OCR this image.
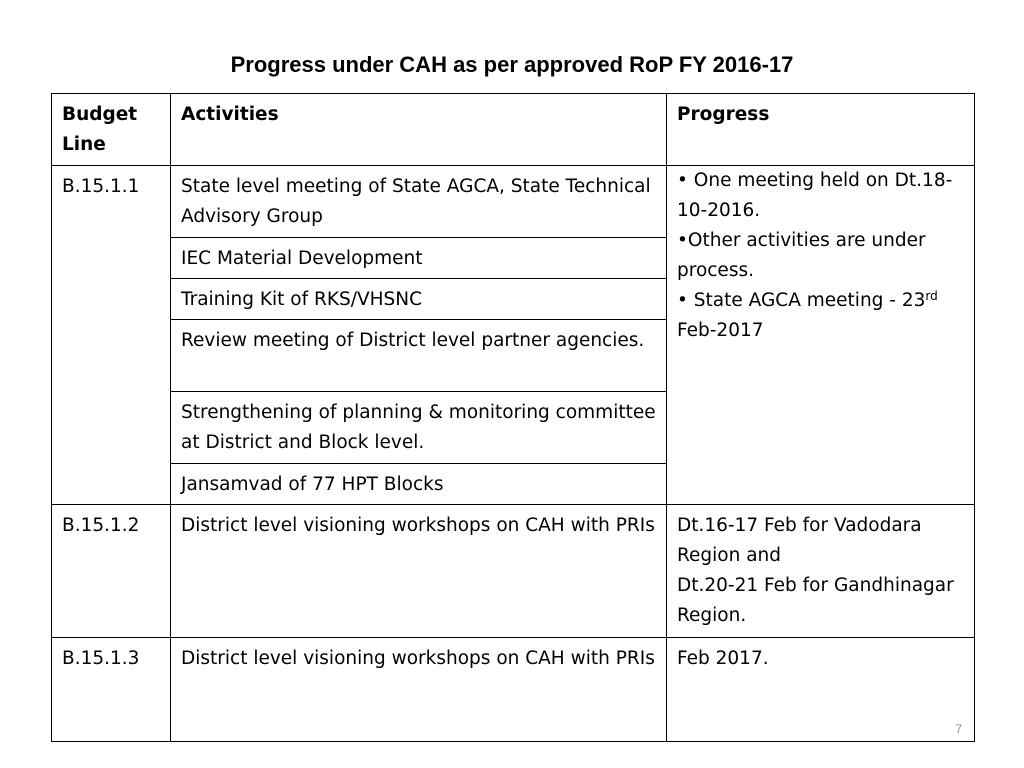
Progress under CAH as per approved RoP FY 2016-17
Budget Line	Activities	Progress
B.15.1.1	State level meeting of State AGCA, State Technical Advisory Group	• One meeting held on Dt.18-10-2016.
•Other activities are under process.
• State AGCA meeting - 23rd Feb-2017

	IEC Material Development	
	Training Kit of RKS/VHSNC	
	Review meeting of District level partner agencies.	
	Strengthening of planning & monitoring committee at District and Block level.	
	Jansamvad of 77 HPT Blocks	
B.15.1.2	District level visioning workshops on CAH with PRIs	Dt.16-17 Feb for Vadodara Region and
Dt.20-21 Feb for Gandhinagar Region.

B.15.1.3	District level visioning workshops on CAH with PRIs	Feb 2017.
7
